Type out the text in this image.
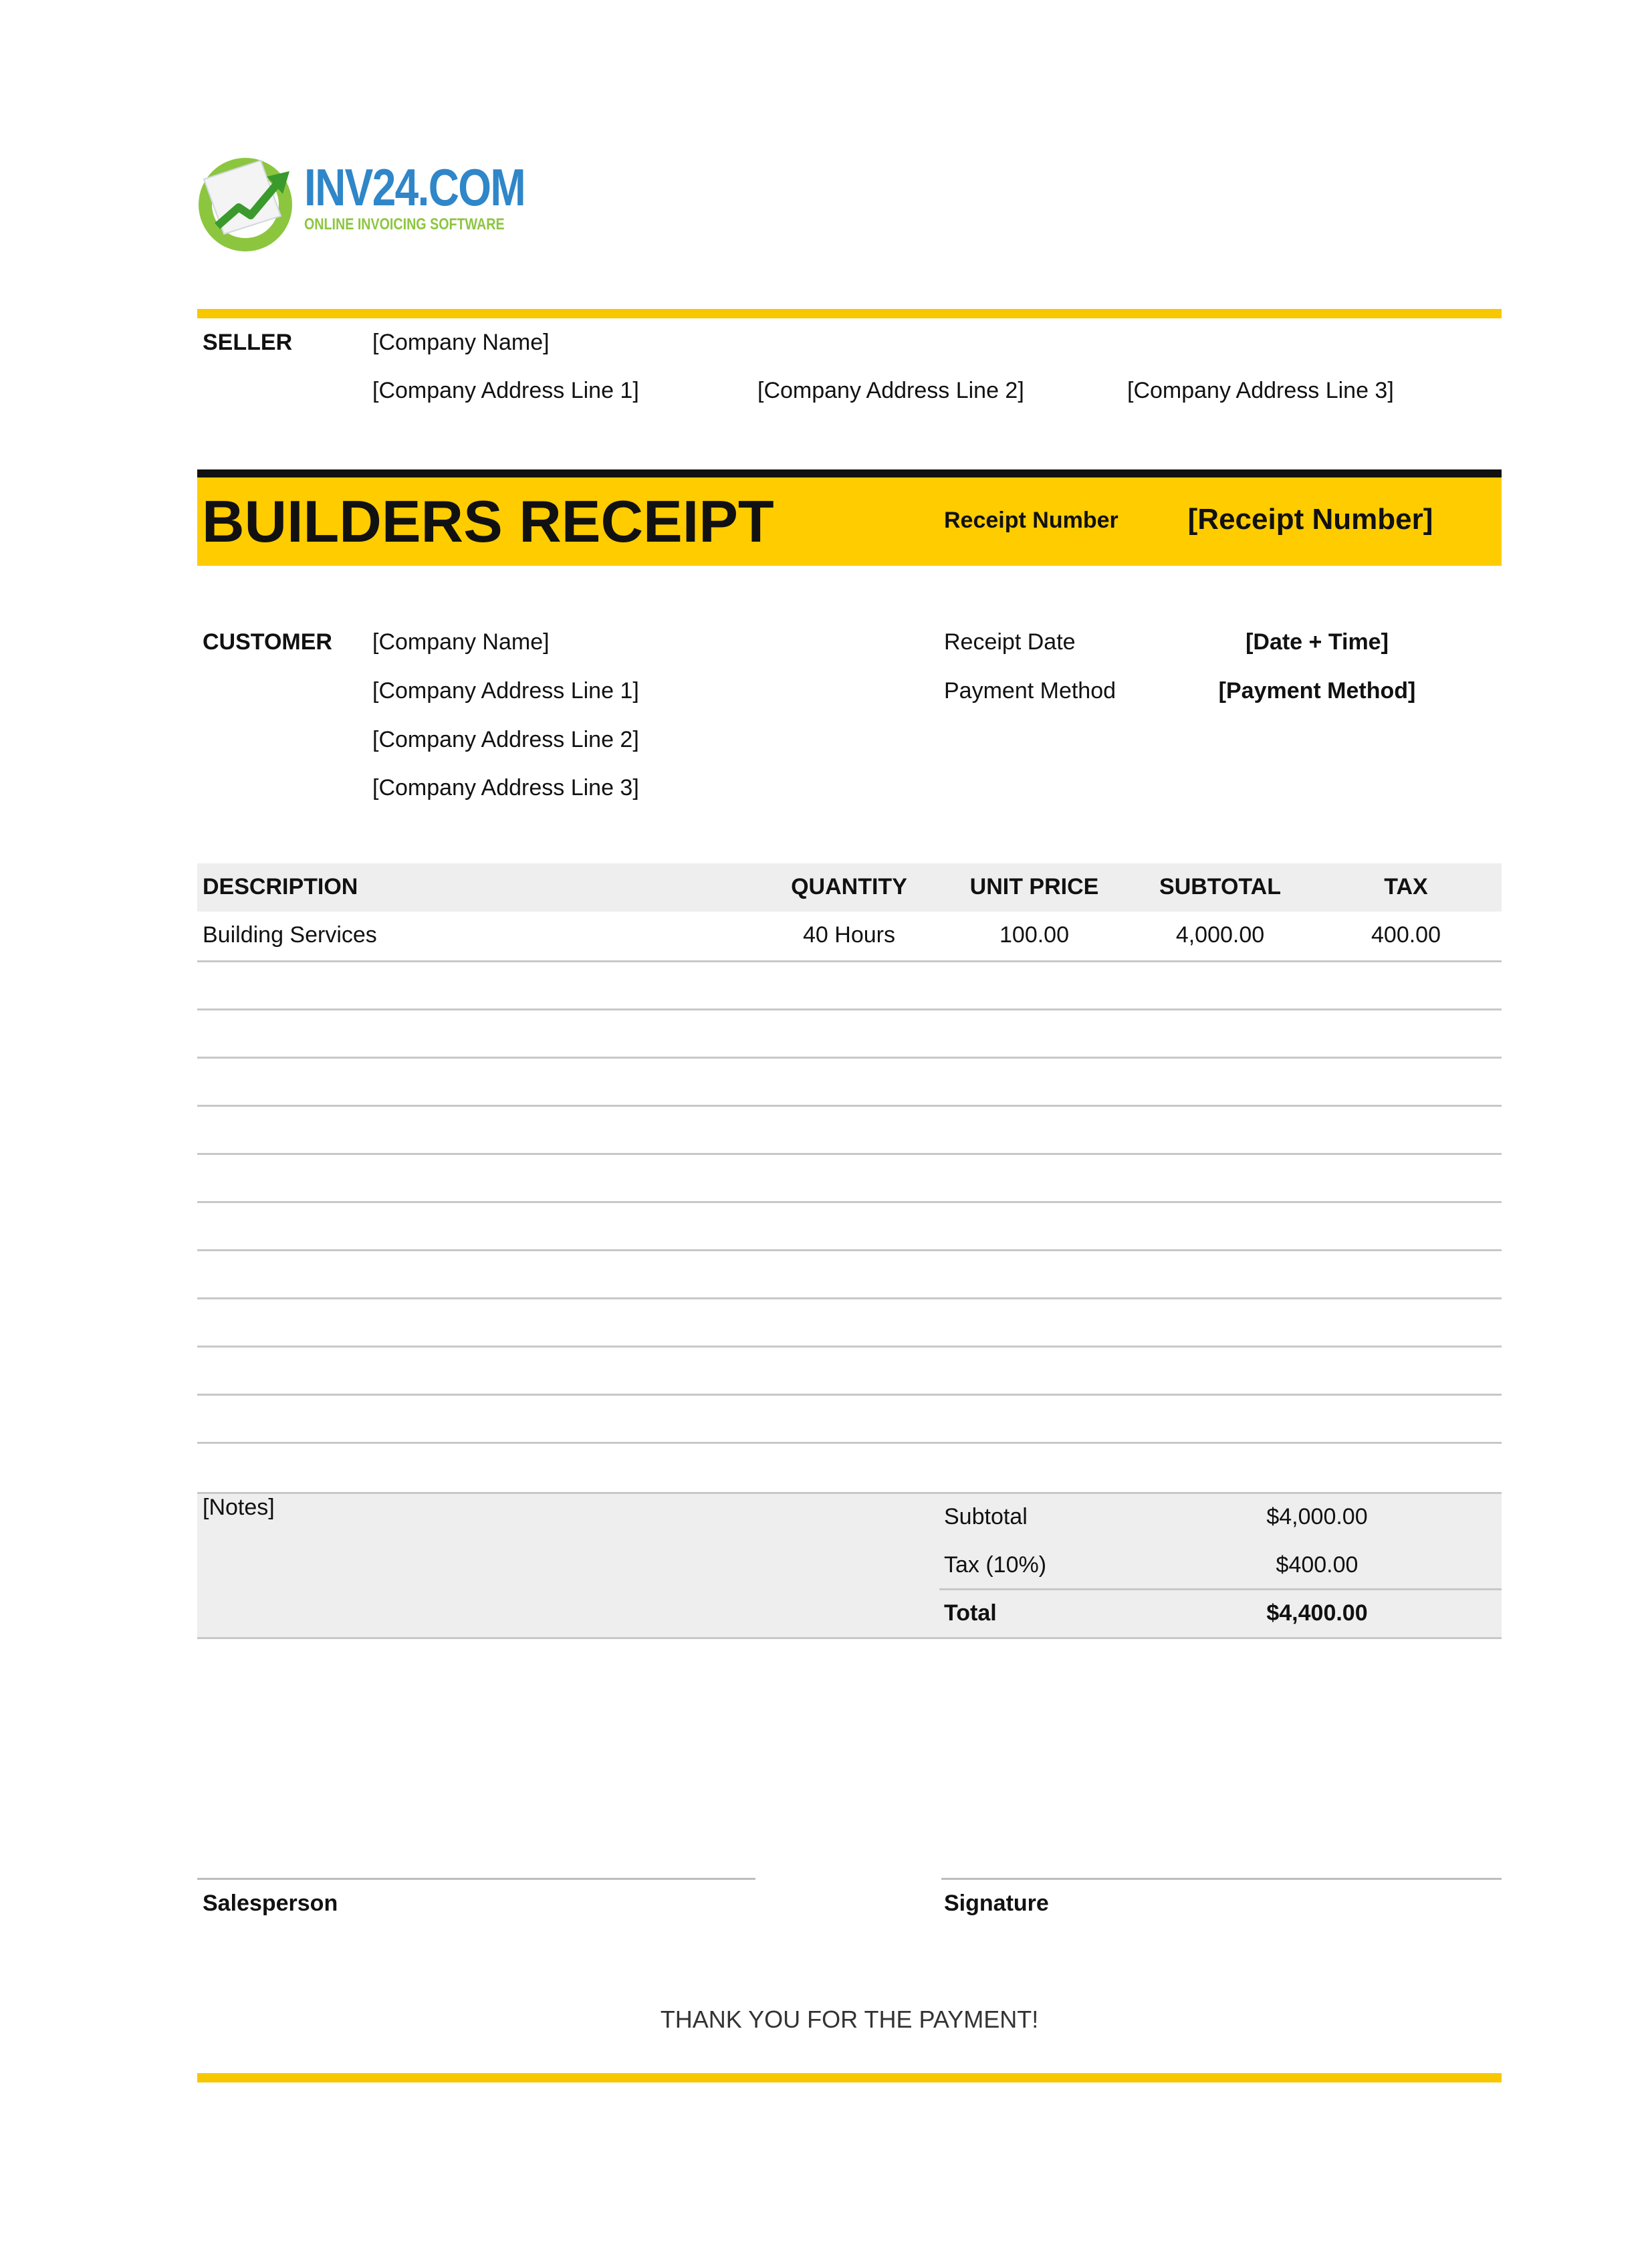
INV24.COM
ONLINE INVOICING SOFTWARE
SELLER	[Company Name]
[Company Address Line 1]	[Company Address Line 2]	[Company Address Line 3]
BUILDERS RECEIPT	Receipt Number	[Receipt Number]
CUSTOMER [Company Name]
[Company Address Line 1]
[Company Address Line 2]
[Company Address Line 3]
Receipt Date	[Date + Time]
Payment Method	[Payment Method]
DESCRIPTION	QUANTITY	UNIT PRICE	SUBTOTAL	TAX
Building Services	40 Hours	100.00	4,000.00	400.00
[Notes]	Subtotal	$4,000.00
Tax (10%)	$400.00
Total	$4,400.00
Salesperson	Signature
THANK YOU FOR THE PAYMENT!
